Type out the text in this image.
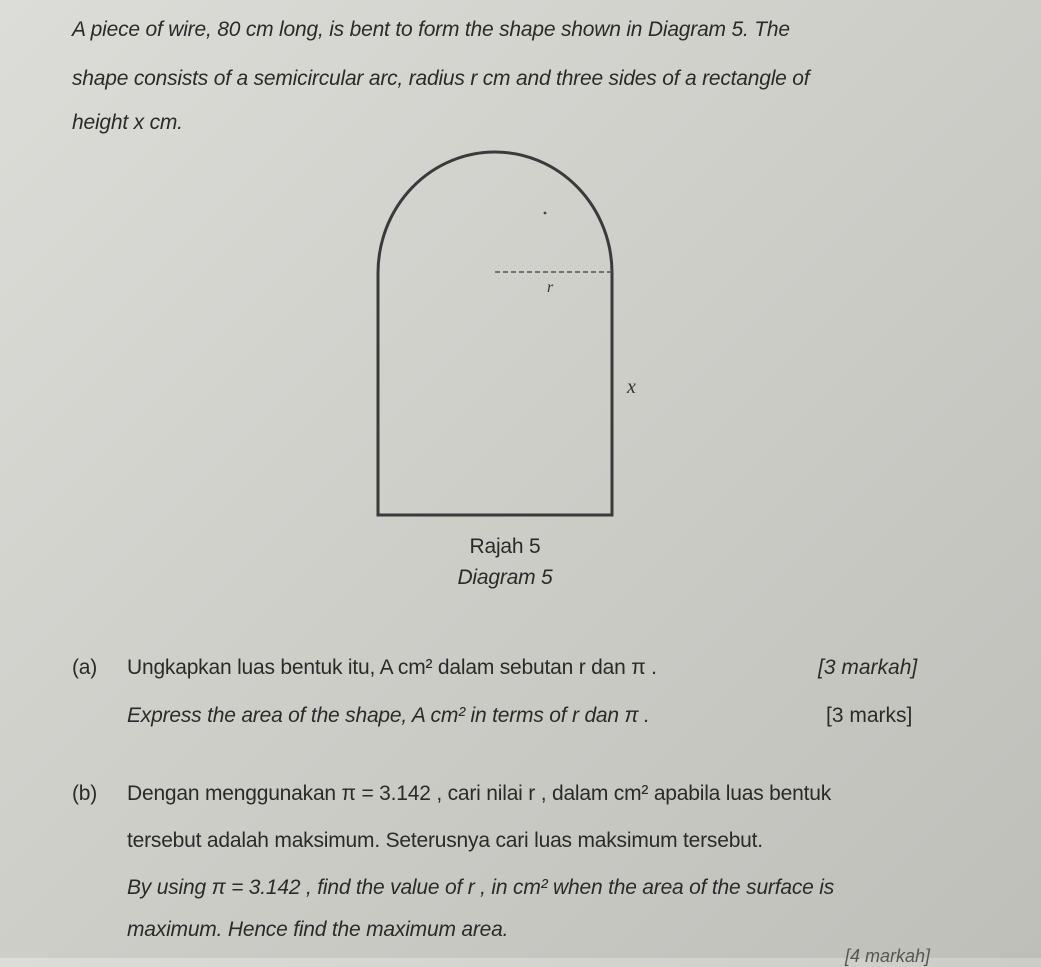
A piece of wire, 80 cm long, is bent to form the shape shown in Diagram 5. The
shape consists of a semicircular arc, radius r cm and three sides of a rectangle of
height x cm.
r
x
Rajah 5
Diagram 5
(a) Ungkapkan luas bentuk itu, A cm² dalam sebutan r dan π .	[3 markah]
Express the area of the shape, A cm² in terms of r dan π .	[3 marks]
(b) Dengan menggunakan π = 3.142 , cari nilai r , dalam cm² apabila luas bentuk
tersebut adalah maksimum. Seterusnya cari luas maksimum tersebut.
By using π = 3.142 , find the value of r , in cm² when the area of the surface is
maximum. Hence find the maximum area.
[4 markah]
